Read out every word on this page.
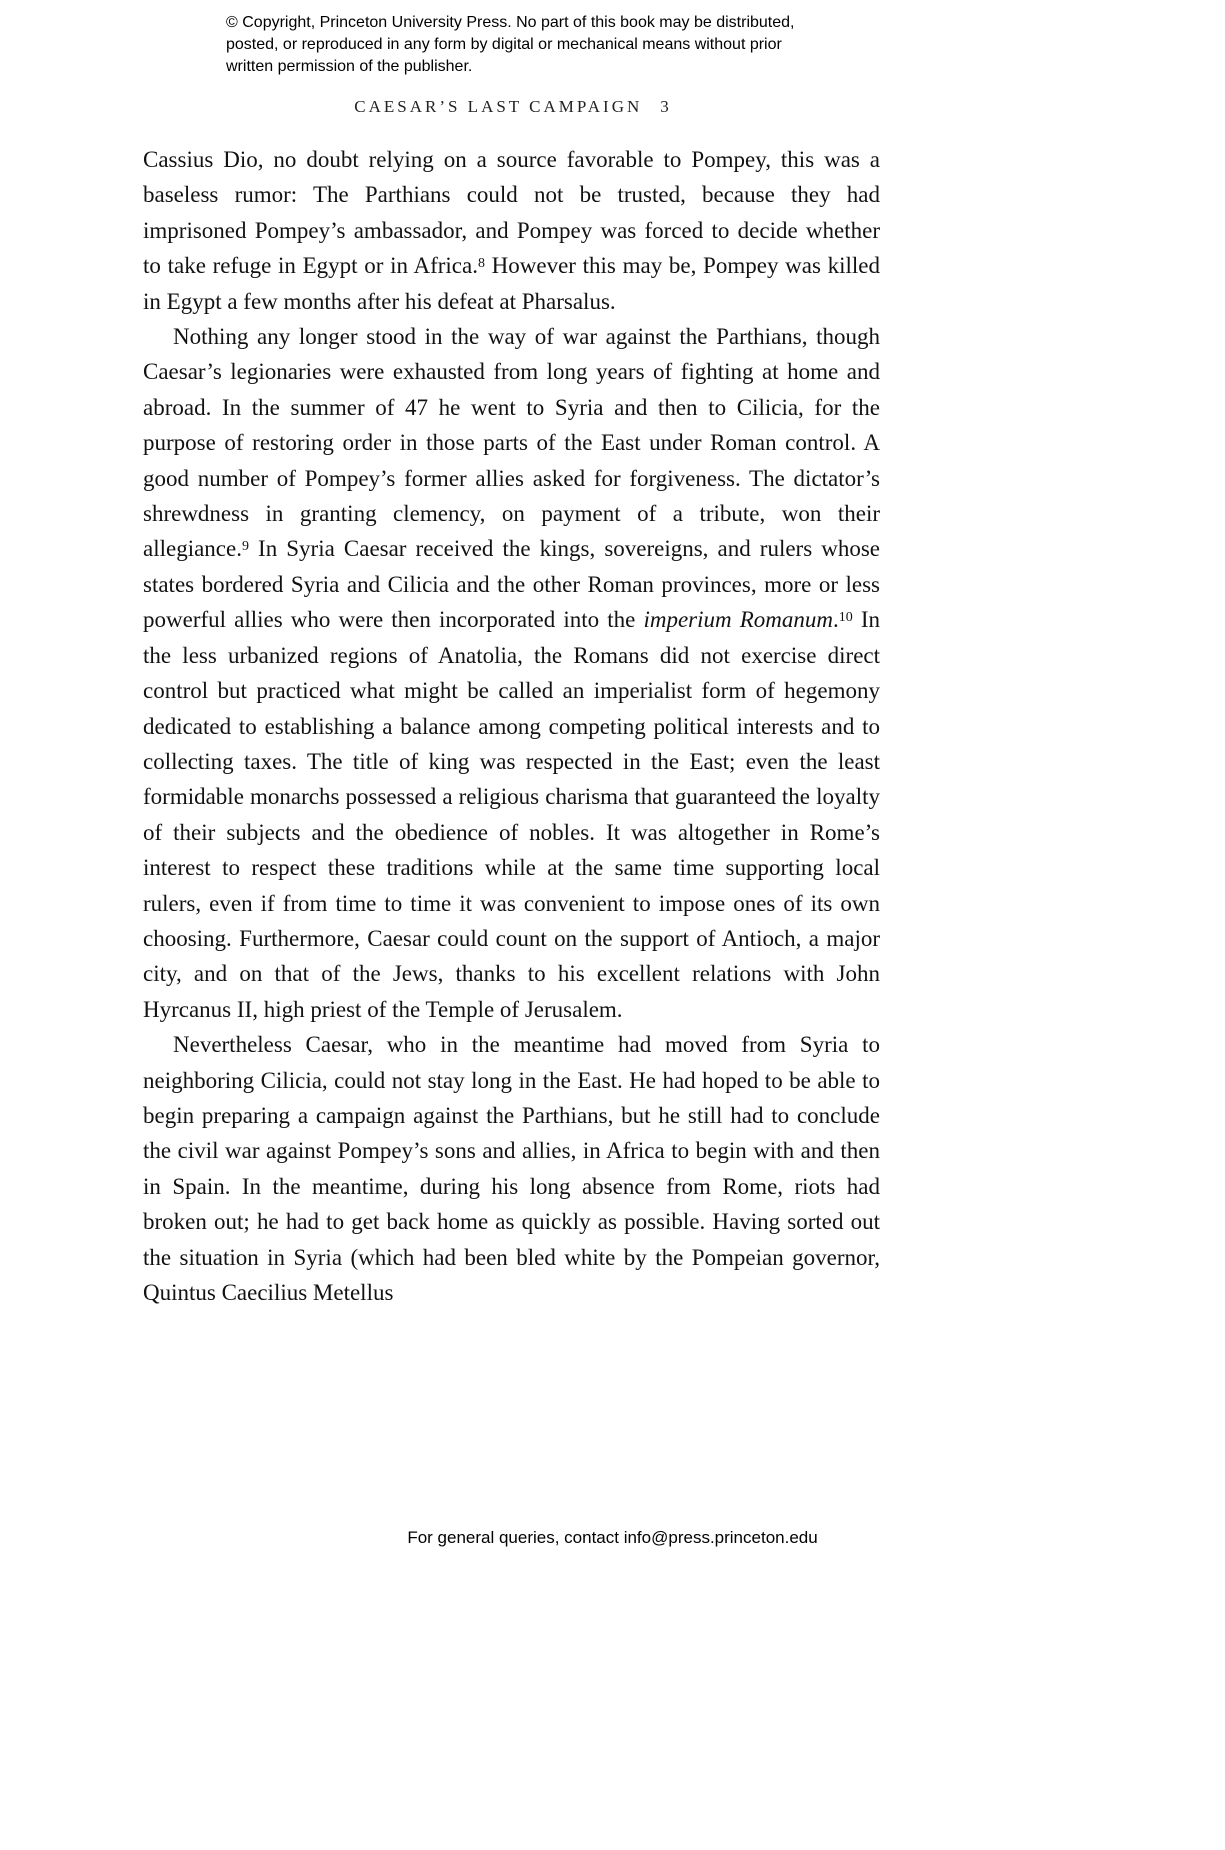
© Copyright, Princeton University Press. No part of this book may be distributed, posted, or reproduced in any form by digital or mechanical means without prior written permission of the publisher.
CAESAR’S LAST CAMPAIGN 3

Cassius Dio, no doubt relying on a source favorable to Pompey, this was a baseless rumor: The Parthians could not be trusted, because they had imprisoned Pompey’s ambassador, and Pompey was forced to decide whether to take refuge in Egypt or in Africa.$^8$ However this may be, Pompey was killed in Egypt a few months after his defeat at Pharsalus.

Nothing any longer stood in the way of war against the Parthians, though Caesar’s legionaries were exhausted from long years of fighting at home and abroad. In the summer of 47 he went to Syria and then to Cilicia, for the purpose of restoring order in those parts of the East under Roman control. A good number of Pompey’s former allies asked for forgiveness. The dictator’s shrewdness in granting clemency, on payment of a tribute, won their allegiance.$^9$ In Syria Caesar received the kings, sovereigns, and rulers whose states bordered Syria and Cilicia and the other Roman provinces, more or less powerful allies who were then incorporated into the imperium Romanum.$^{10}$ In the less urbanized regions of Anatolia, the Romans did not exercise direct control but practiced what might be called an imperialist form of hegemony dedicated to establishing a balance among competing political interests and to collecting taxes. The title of king was respected in the East; even the least formidable monarchs possessed a religious charisma that guaranteed the loyalty of their subjects and the obedience of nobles. It was altogether in Rome’s interest to respect these traditions while at the same time supporting local rulers, even if from time to time it was convenient to impose ones of its own choosing. Furthermore, Caesar could count on the support of Antioch, a major city, and on that of the Jews, thanks to his excellent relations with John Hyrcanus II, high priest of the Temple of Jerusalem.

Nevertheless Caesar, who in the meantime had moved from Syria to neighboring Cilicia, could not stay long in the East. He had hoped to be able to begin preparing a campaign against the Parthians, but he still had to conclude the civil war against Pompey’s sons and allies, in Africa to begin with and then in Spain. In the meantime, during his long absence from Rome, riots had broken out; he had to get back home as quickly as possible. Having sorted out the situation in Syria (which had been bled white by the Pompeian governor, Quintus Caecilius Metellus

For general queries, contact info@press.princeton.edu
